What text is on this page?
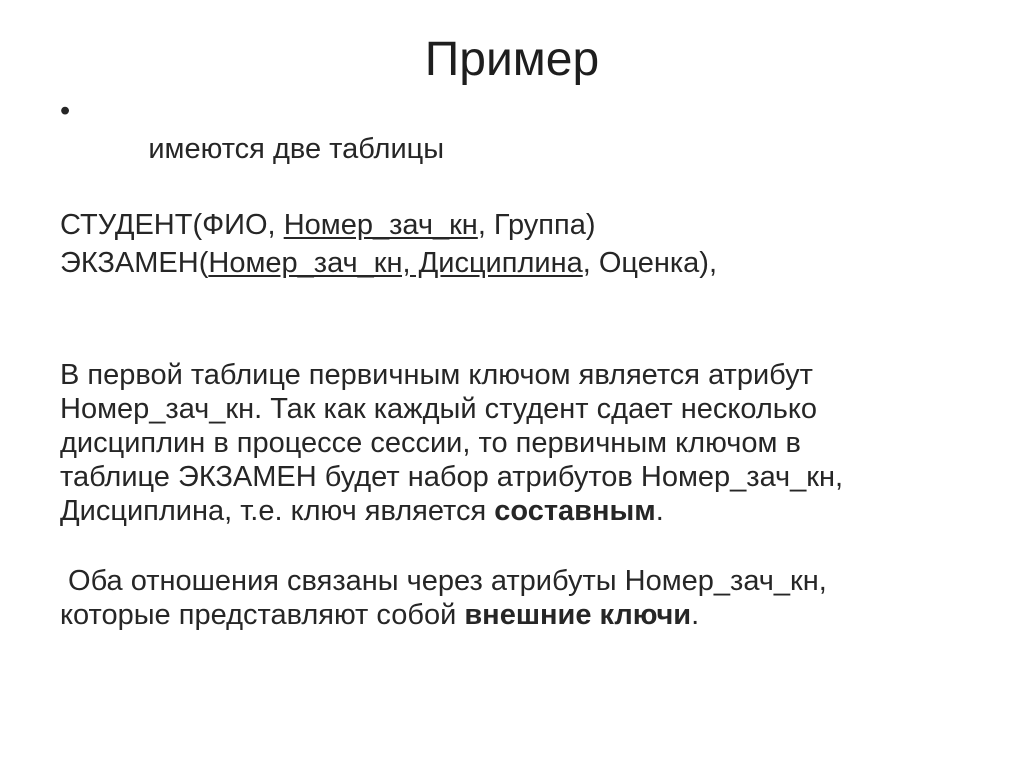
Пример

•
имеются две таблицы

СТУДЕНТ(ФИО, Номер_зач_кн, Группа)
ЭКЗАМЕН(Номер_зач_кн, Дисциплина, Оценка),

В первой таблице первичным ключом является атрибут

Номер_зач_кн. Так как каждый студент сдает несколько

дисциплин в процессе сессии, то первичным ключом в

таблице ЭКЗАМЕН будет набор атрибутов Номер_зач_кн,

Дисциплина, т.е. ключ является составным.

Оба отношения связаны через атрибуты Номер_зач_кн,

которые представляют собой внешние ключи.
